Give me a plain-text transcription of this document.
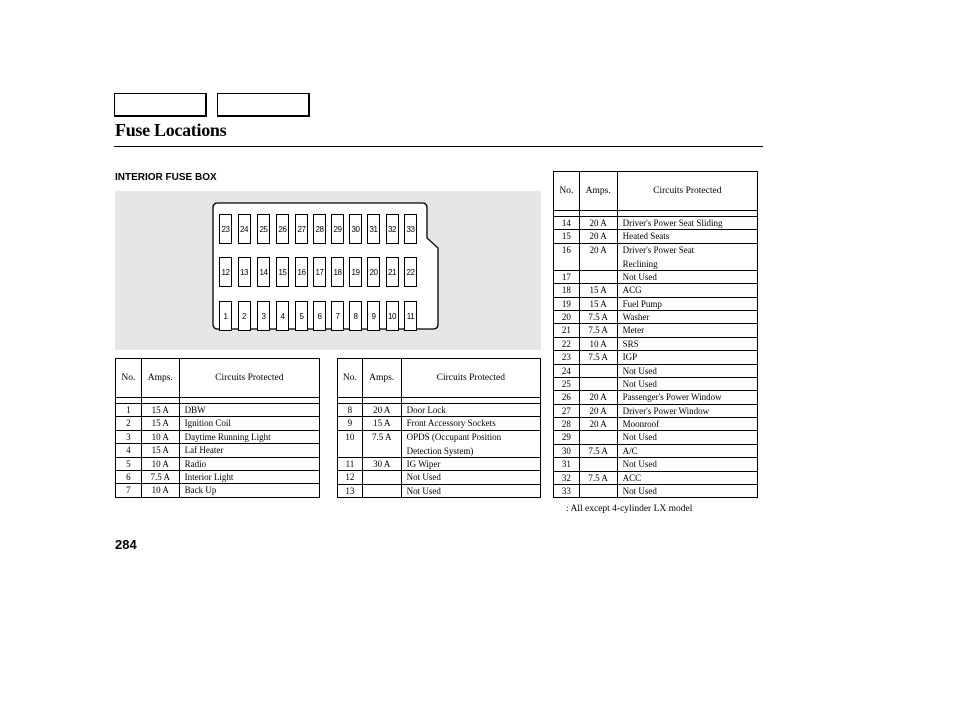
Fuse Locations
INTERIOR FUSE BOX
23	24	25	26	27	28	29	30	31	32	33
12	13	14	15	16	17	18	19	20	21	22
1	2	3	4	5	6	7	8	9	10	11
No.	Amps.	Circuits Protected

1	15 A	DBW

2	15 A	Ignition Coil

3	10 A	Daytime Running Light

4	15 A	Laf Heater

5	10 A	Radio

6	7.5 A	Interior Light

7	10 A	Back Up
No.	Amps.	Circuits Protected

8	20 A	Door Lock

9	15 A	Front Accessory Sockets

10	7.5 A	OPDS (Occupant Position
Detection System)

11	30 A	IG Wiper

12		Not Used

13		Not Used
No.	Amps.	Circuits Protected

14	20 A	Driver's Power Seat Sliding

15	20 A	Heated Seats

16	20 A	Driver's Power Seat
Reclining

17		Not Used

18	15 A	ACG

19	15 A	Fuel Pump

20	7.5 A	Washer

21	7.5 A	Meter

22	10 A	SRS

23	7.5 A	IGP

24		Not Used

25		Not Used

26	20 A	Passenger's Power Window

27	20 A	Driver's Power Window

28	20 A	Moonroof

29		Not Used

30	7.5 A	A/C

31		Not Used

32	7.5 A	ACC

33		Not Used
: All except 4-cylinder LX model
284
